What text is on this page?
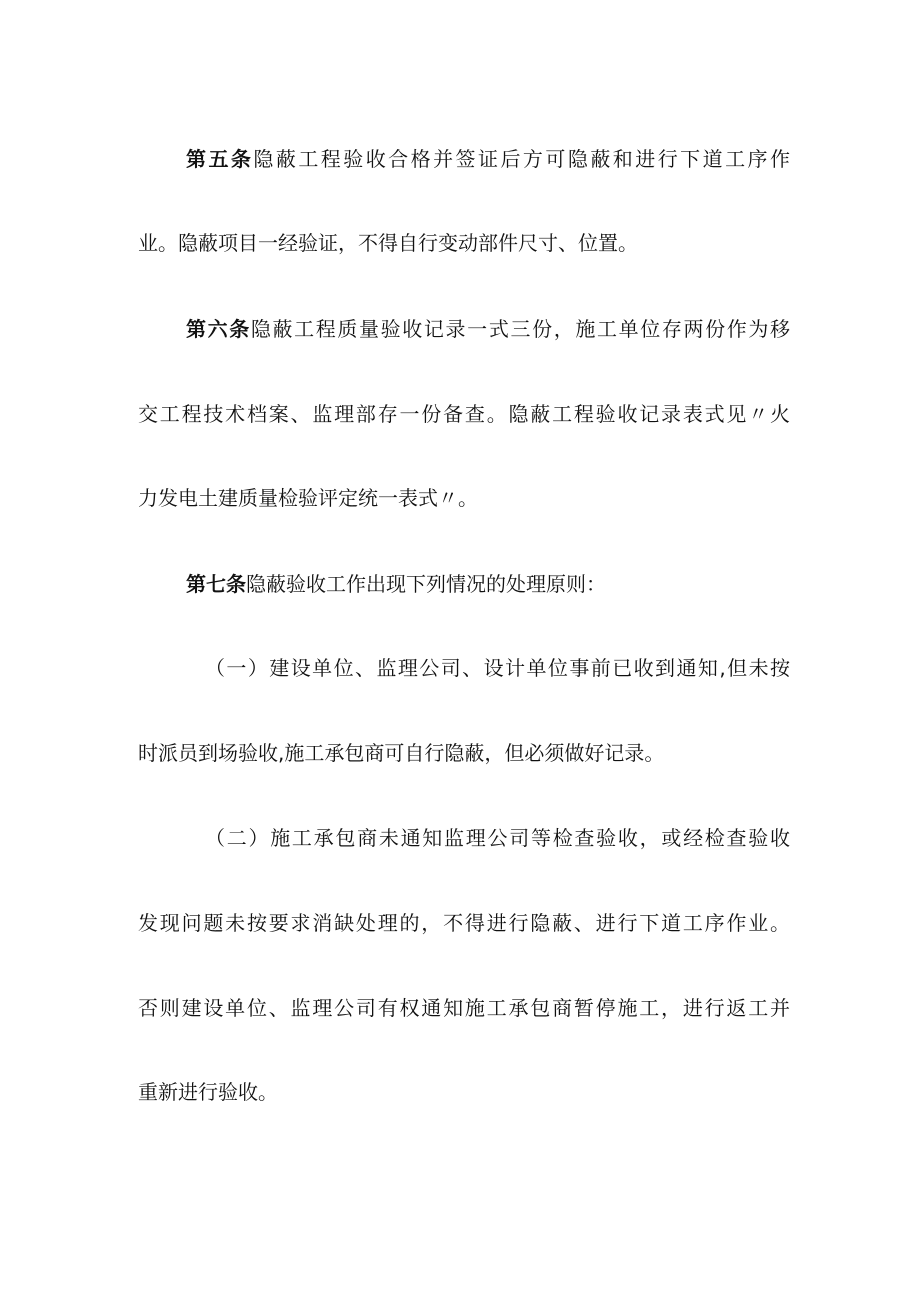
第五条隐蔽工程验收合格并签证后方可隐蔽和进行下道工序作
业。隐蔽项目一经验证，不得自行变动部件尺寸、位置。
第六条隐蔽工程质量验收记录一式三份，施工单位存两份作为移
交工程技术档案、监理部存一份备查。隐蔽工程验收记录表式见〃火
力发电土建质量检验评定统一表式〃。
第七条隐蔽验收工作出现下列情况的处理原则：
（一）建设单位、监理公司、设计单位事前已收到通知,但未按
时派员到场验收,施工承包商可自行隐蔽，但必须做好记录。
（二）施工承包商未通知监理公司等检查验收，或经检查验收
发现问题未按要求消缺处理的，不得进行隐蔽、进行下道工序作业。
否则建设单位、监理公司有权通知施工承包商暂停施工，进行返工并
重新进行验收。
